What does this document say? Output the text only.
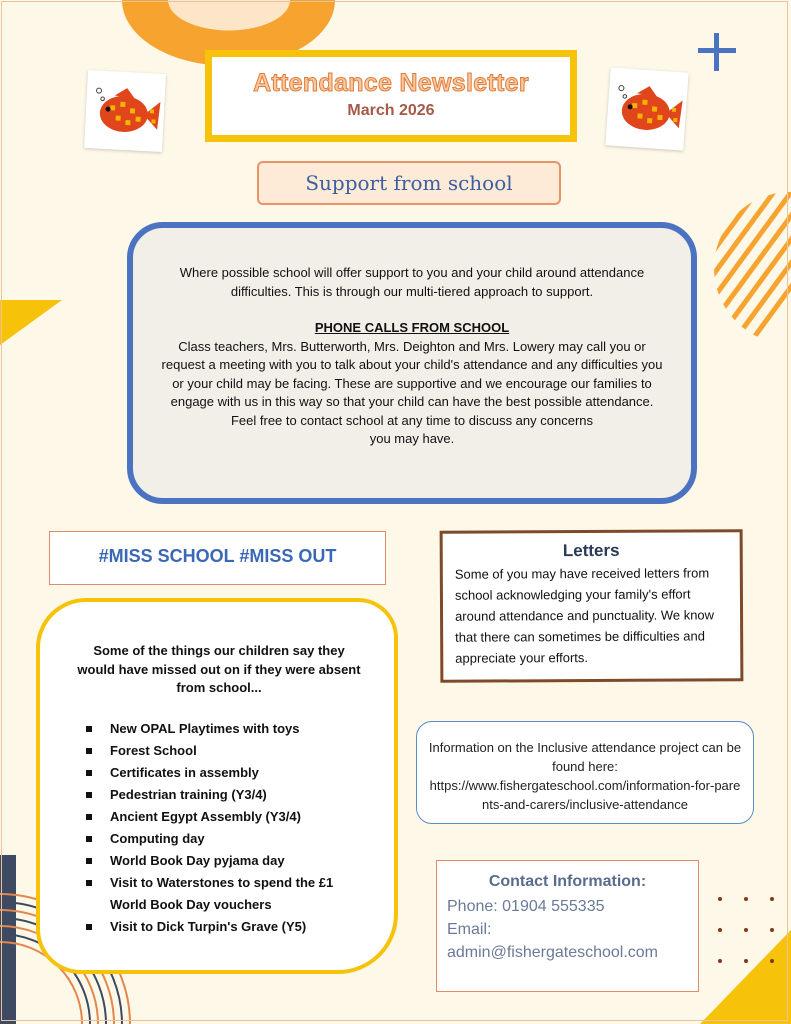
Attendance Newsletter
March 2026
Support from school

Where possible school will offer support to you and your child around attendance difficulties. This is through our multi-tiered approach to support.

PHONE CALLS FROM SCHOOL

Class teachers, Mrs. Butterworth, Mrs. Deighton and Mrs. Lowery may call you or request a meeting with you to talk about your child's attendance and any difficulties you or your child may be facing. These are supportive and we encourage our families to engage with us in this way so that your child can have the best possible attendance.

Feel free to contact school at any time to discuss any concerns you may have.

#MISS SCHOOL #MISS OUT	Letters
Some of you may have received letters from school acknowledging your family's effort around attendance and punctuality. We know that there can sometimes be difficulties and appreciate your efforts.
Some of the things our children say they would have missed out on if they were absent from school...
New OPAL Playtimes with toys
Forest School
Certificates in assembly
Pedestrian training (Y3/4)
Ancient Egypt Assembly (Y3/4)
Computing day
World Book Day pyjama day
Visit to Waterstones to spend the £1 World Book Day vouchers
Visit to Dick Turpin's Grave (Y5)
Information on the Inclusive attendance project can be found here:
https://www.fishergateschool.com/information-for-parents-and-carers/inclusive-attendance
Contact Information:
Phone: 01904 555335
Email:
admin@fishergateschool.com
